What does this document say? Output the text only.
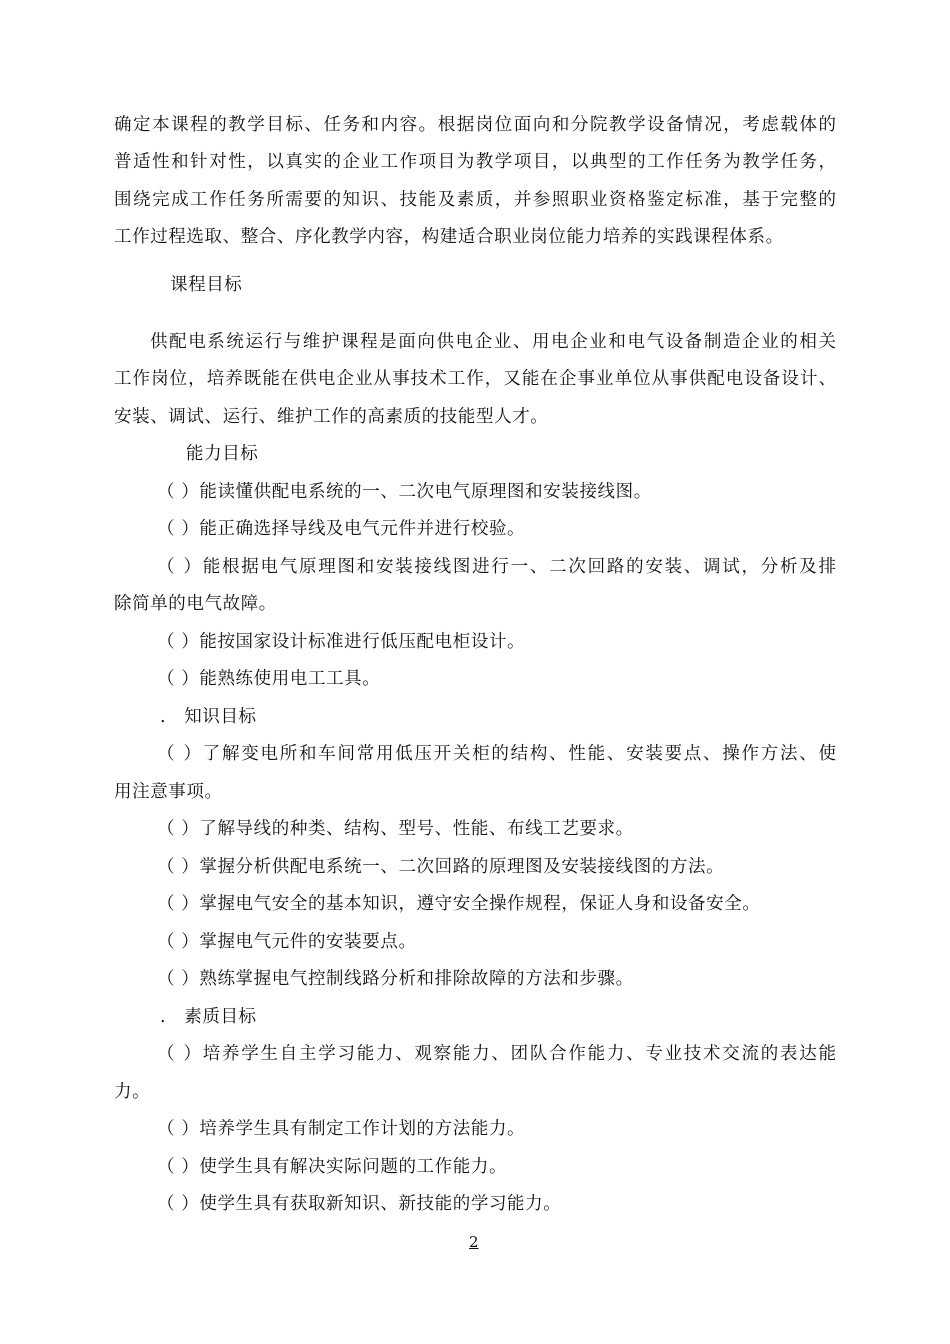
确定本课程的教学目标、任务和内容。根据岗位面向和分院教学设备情况，考虑载体的
普适性和针对性，以真实的企业工作项目为教学项目，以典型的工作任务为教学任务，
围绕完成工作任务所需要的知识、技能及素质，并参照职业资格鉴定标准，基于完整的
工作过程选取、整合、序化教学内容，构建适合职业岗位能力培养的实践课程体系。
课程目标
供配电系统运行与维护课程是面向供电企业、用电企业和电气设备制造企业的相关
工作岗位，培养既能在供电企业从事技术工作，又能在企事业单位从事供配电设备设计、
安装、调试、运行、维护工作的高素质的技能型人才。
能力目标
（ ）能读懂供配电系统的一、二次电气原理图和安装接线图。
（ ）能正确选择导线及电气元件并进行校验。
（ ）能根据电气原理图和安装接线图进行一、二次回路的安装、调试，分析及排
除简单的电气故障。
（ ）能按国家设计标准进行低压配电柜设计。
（ ）能熟练使用电工工具。
.　知识目标
（ ）了解变电所和车间常用低压开关柜的结构、性能、安装要点、操作方法、使
用注意事项。
（ ）了解导线的种类、结构、型号、性能、布线工艺要求。
（ ）掌握分析供配电系统一、二次回路的原理图及安装接线图的方法。
（ ）掌握电气安全的基本知识，遵守安全操作规程，保证人身和设备安全。
（ ）掌握电气元件的安装要点。
（ ）熟练掌握电气控制线路分析和排除故障的方法和步骤。
.　素质目标
（ ）培养学生自主学习能力、观察能力、团队合作能力、专业技术交流的表达能
力。
（ ）培养学生具有制定工作计划的方法能力。
（ ）使学生具有解决实际问题的工作能力。
（ ）使学生具有获取新知识、新技能的学习能力。
2
